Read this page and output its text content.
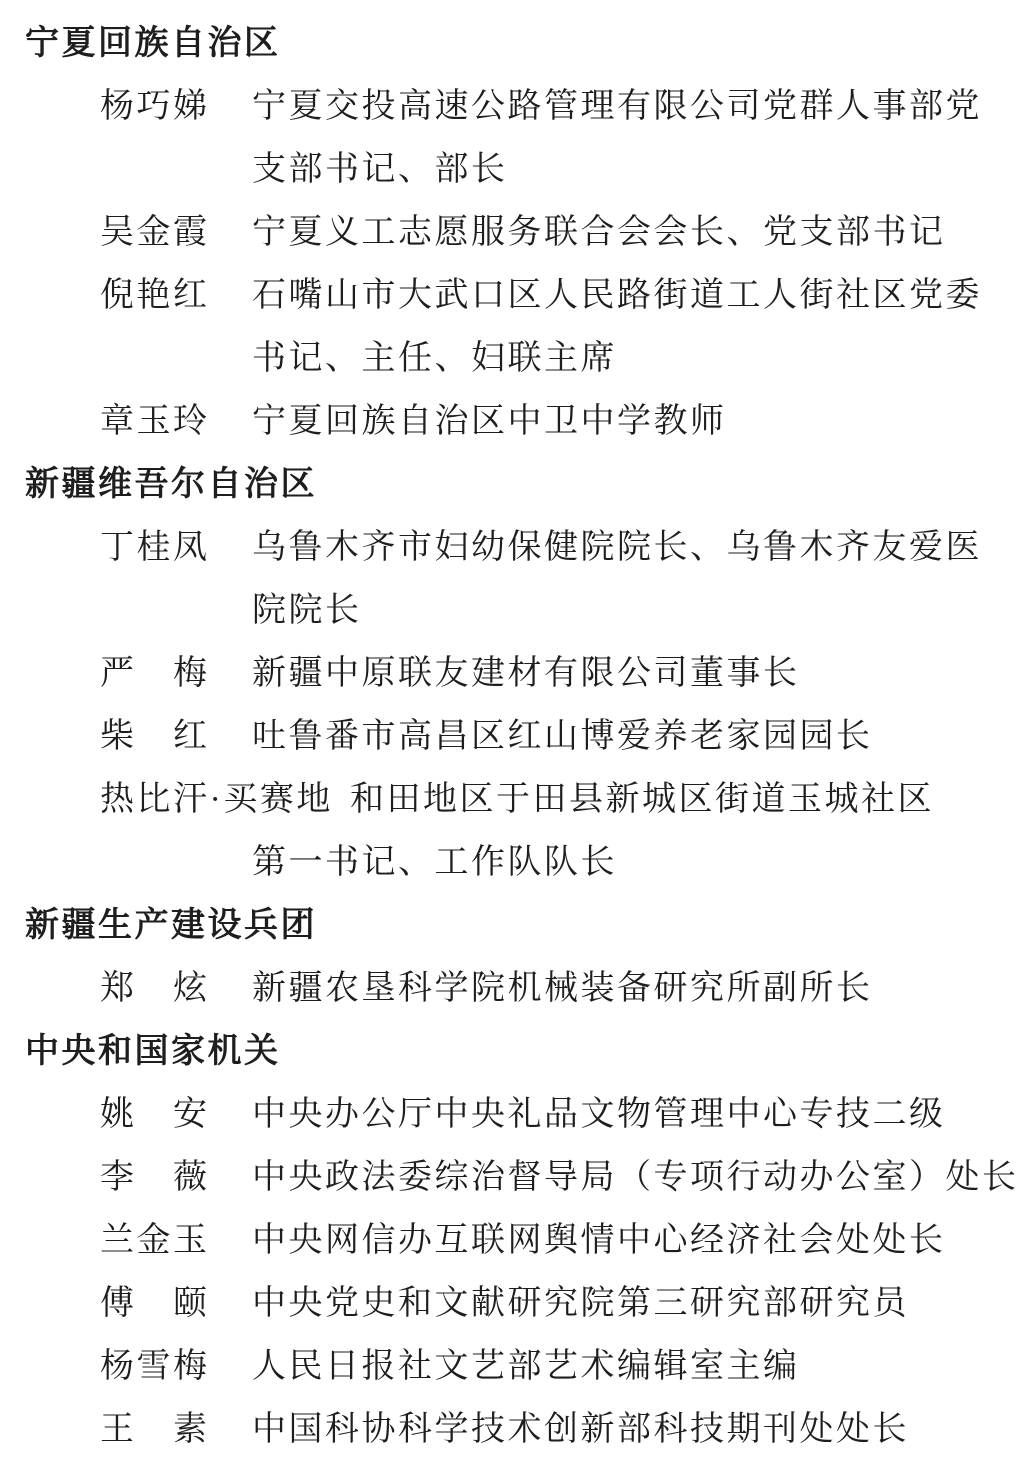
宁夏回族自治区
杨巧娣 宁夏交投高速公路管理有限公司党群人事部党
支部书记、部长
吴金霞 宁夏义工志愿服务联合会会长、党支部书记
倪艳红 石嘴山市大武口区人民路街道工人街社区党委
书记、主任、妇联主席
章玉玲 宁夏回族自治区中卫中学教师
新疆维吾尔自治区
丁桂凤 乌鲁木齐市妇幼保健院院长、乌鲁木齐友爱医
院院长
严　梅 新疆中原联友建材有限公司董事长
柴　红 吐鲁番市高昌区红山博爱养老家园园长
热比汗·买赛地 和田地区于田县新城区街道玉城社区
第一书记、工作队队长
新疆生产建设兵团
郑　炫 新疆农垦科学院机械装备研究所副所长
中央和国家机关
姚　安 中央办公厅中央礼品文物管理中心专技二级
李　薇 中央政法委综治督导局（专项行动办公室）处长
兰金玉 中央网信办互联网舆情中心经济社会处处长
傅　颐 中央党史和文献研究院第三研究部研究员
杨雪梅 人民日报社文艺部艺术编辑室主编
王　素 中国科协科学技术创新部科技期刊处处长
